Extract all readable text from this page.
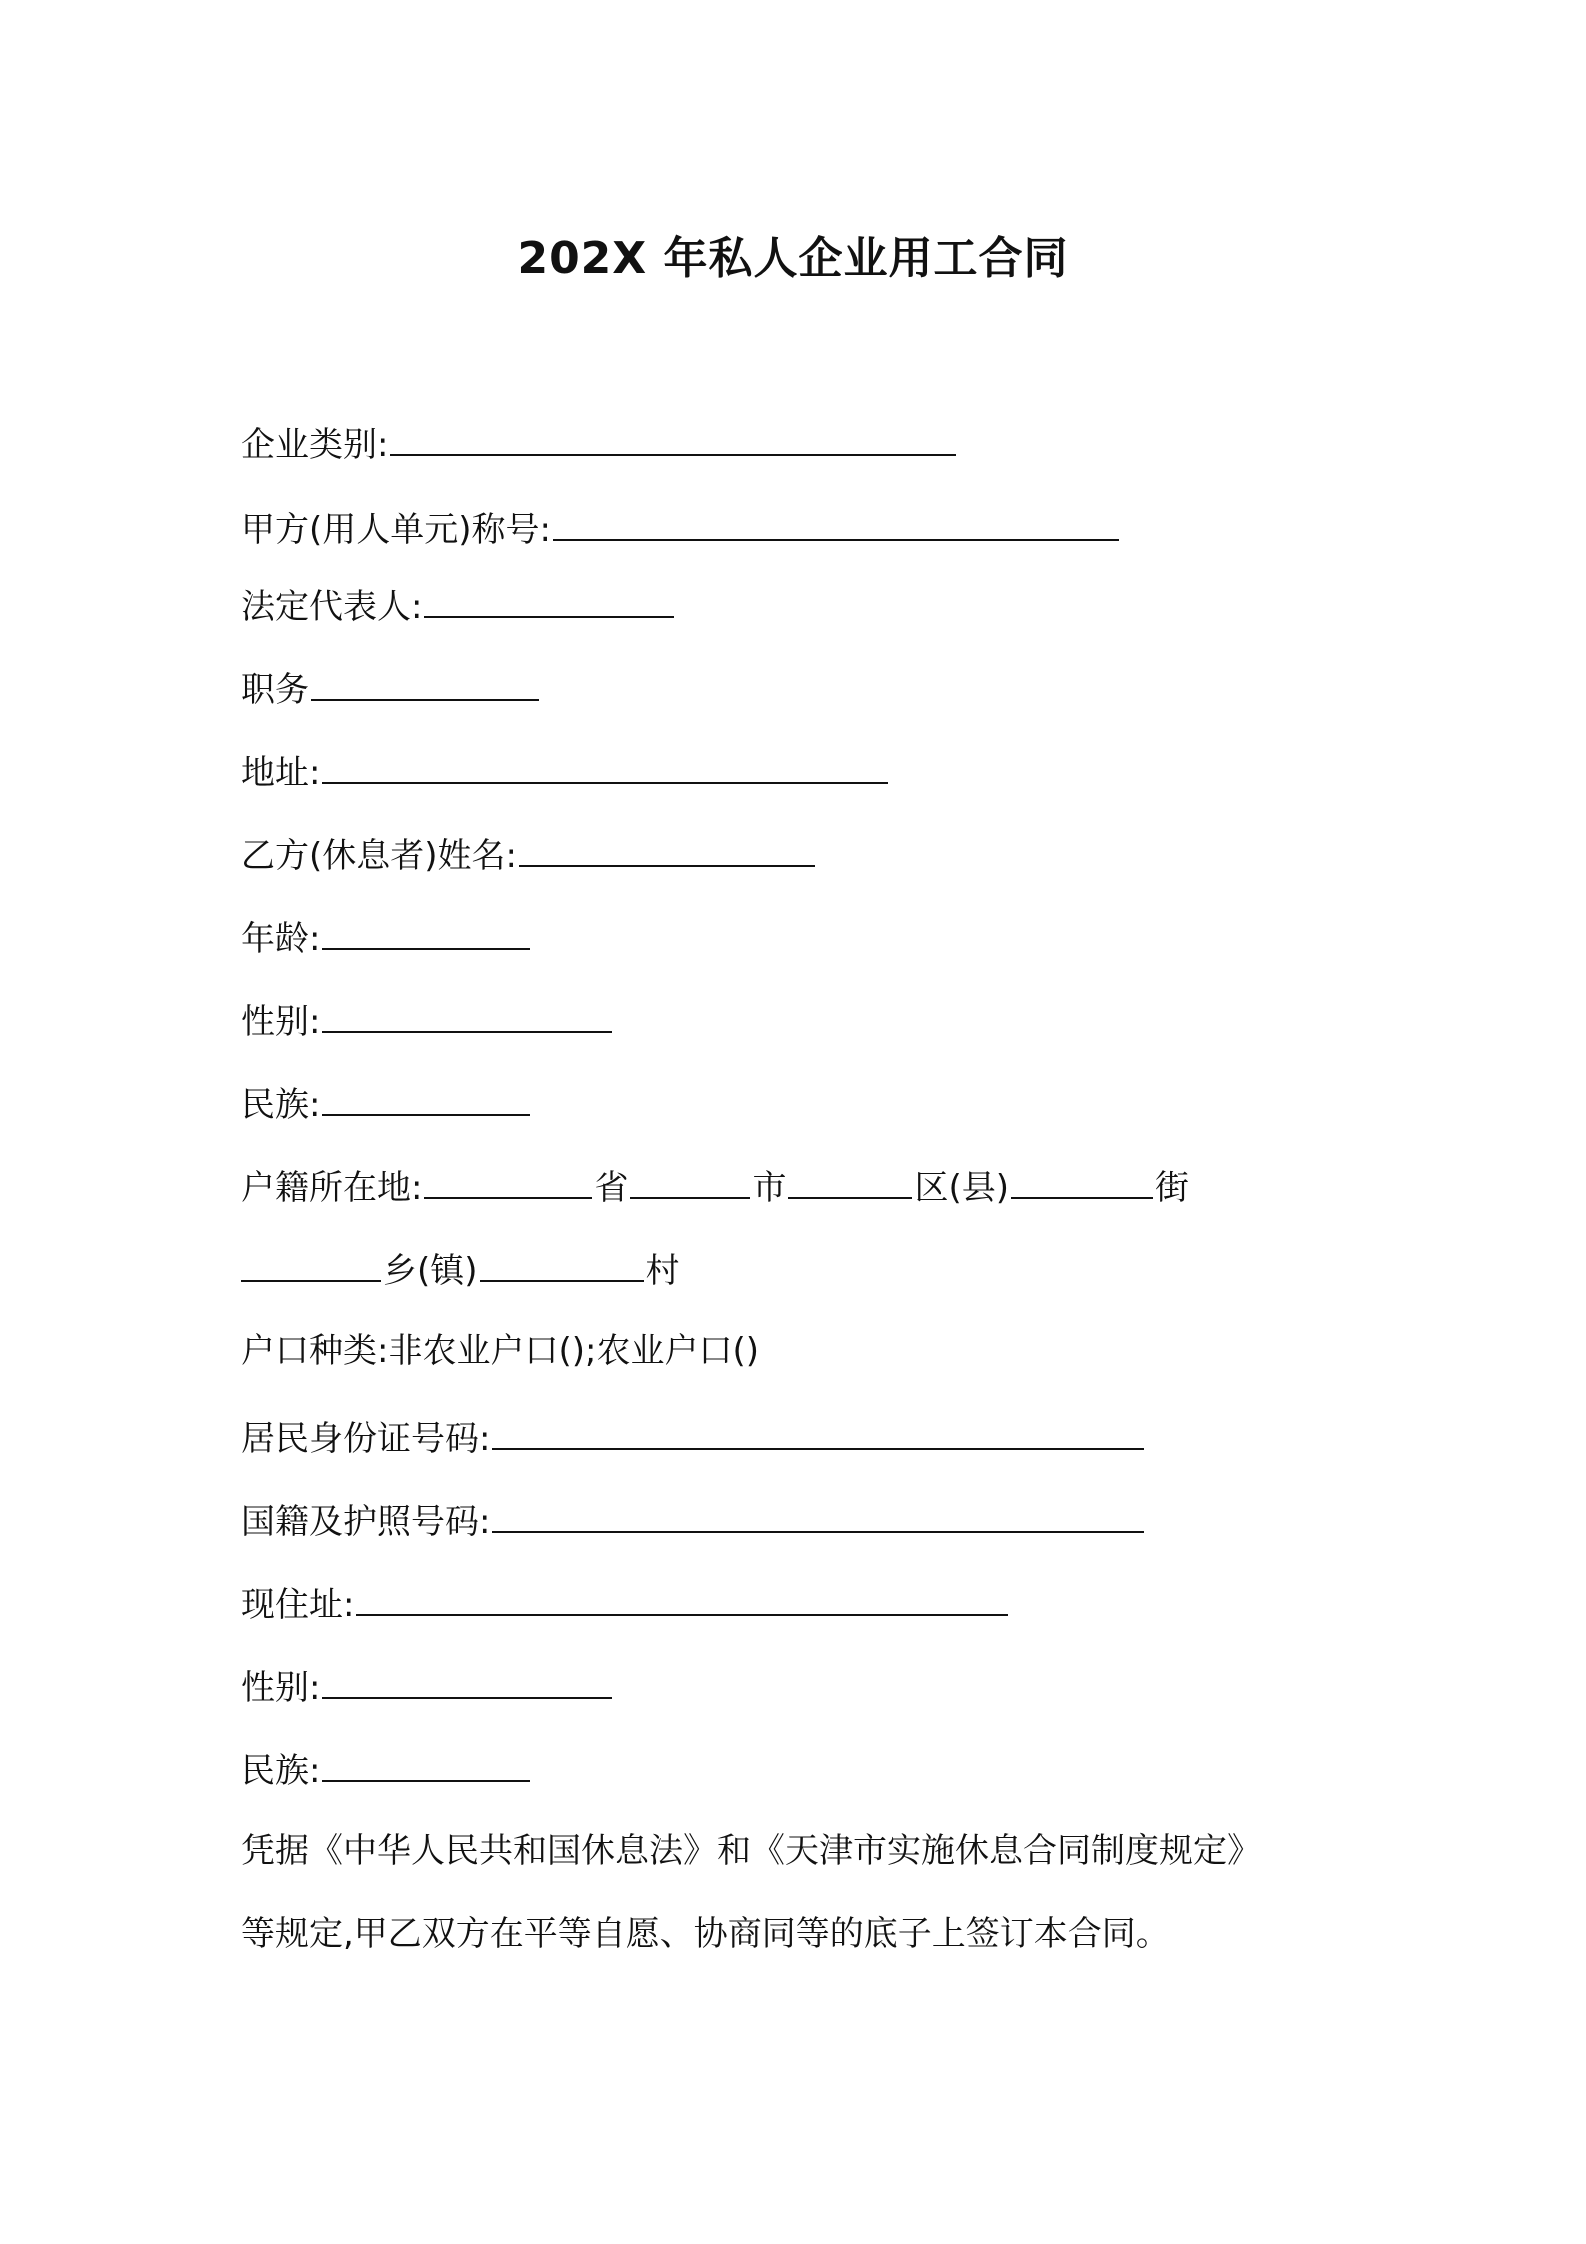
202X 年私人企业用工合同
企业类别:
甲方(用人单元)称号:
法定代表人:
职务
地址:
乙方(休息者)姓名:
年龄:
性别:
民族:
户籍所在地:	省	市	区(县)	街
乡(镇)	村
户口种类:非农业户口();农业户口()
居民身份证号码:
国籍及护照号码:
现住址:
性别:
民族:
凭据《中华人民共和国休息法》和《天津市实施休息合同制度规定》
等规定,甲乙双方在平等自愿、协商同等的底子上签订本合同。
